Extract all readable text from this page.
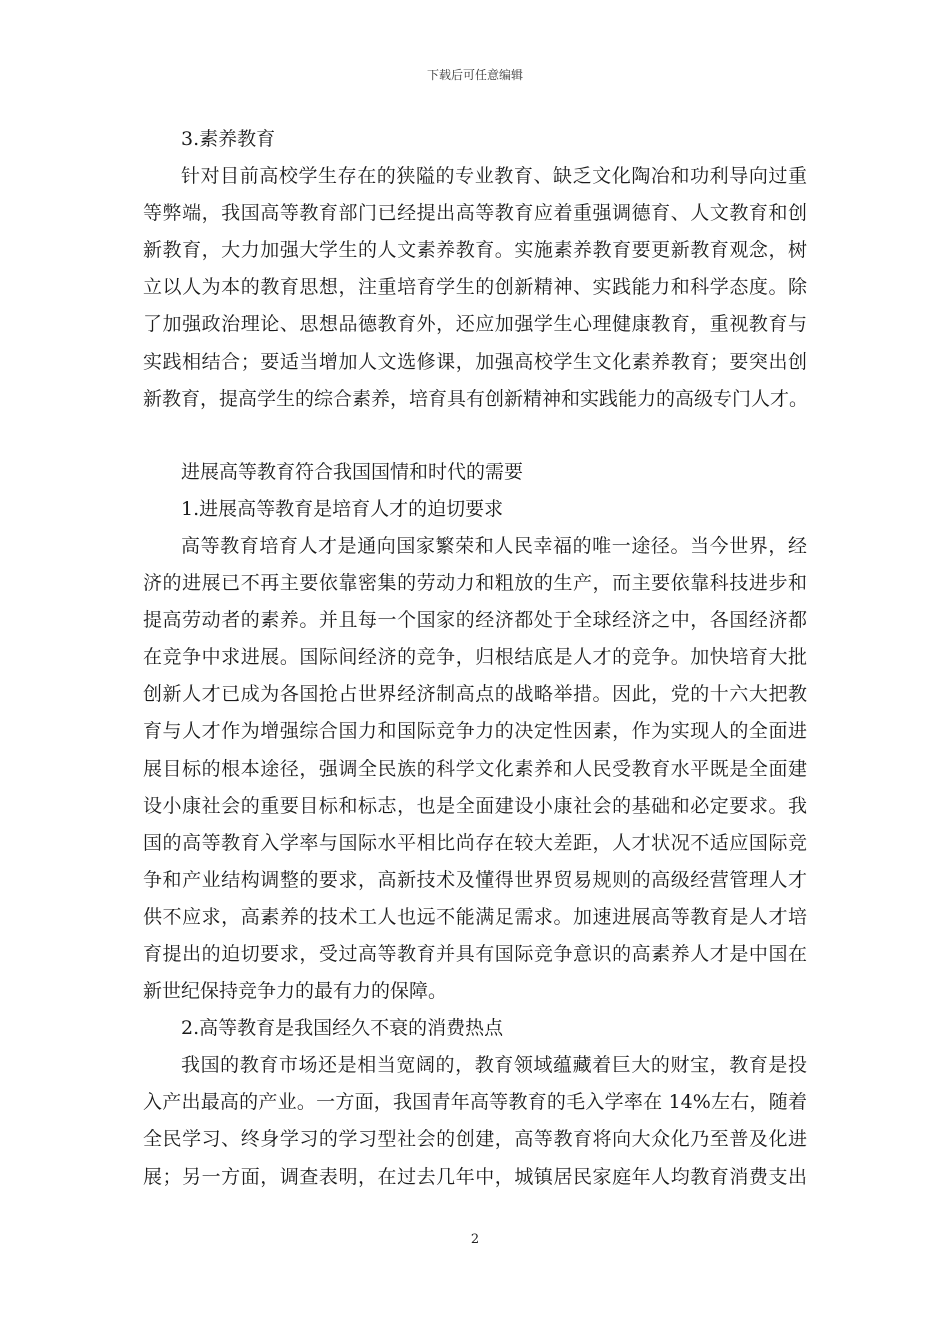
下载后可任意编辑
3.素养教育
针对目前高校学生存在的狭隘的专业教育、缺乏文化陶冶和功利导向过重
等弊端，我国高等教育部门已经提出高等教育应着重强调德育、人文教育和创
新教育，大力加强大学生的人文素养教育。实施素养教育要更新教育观念，树
立以人为本的教育思想，注重培育学生的创新精神、实践能力和科学态度。除
了加强政治理论、思想品德教育外，还应加强学生心理健康教育，重视教育与
实践相结合；要适当增加人文选修课，加强高校学生文化素养教育；要突出创
新教育，提高学生的综合素养，培育具有创新精神和实践能力的高级专门人才。
进展高等教育符合我国国情和时代的需要
1.进展高等教育是培育人才的迫切要求
高等教育培育人才是通向国家繁荣和人民幸福的唯一途径。当今世界，经
济的进展已不再主要依靠密集的劳动力和粗放的生产，而主要依靠科技进步和
提高劳动者的素养。并且每一个国家的经济都处于全球经济之中，各国经济都
在竞争中求进展。国际间经济的竞争，归根结底是人才的竞争。加快培育大批
创新人才已成为各国抢占世界经济制高点的战略举措。因此，党的十六大把教
育与人才作为增强综合国力和国际竞争力的决定性因素，作为实现人的全面进
展目标的根本途径，强调全民族的科学文化素养和人民受教育水平既是全面建
设小康社会的重要目标和标志，也是全面建设小康社会的基础和必定要求。我
国的高等教育入学率与国际水平相比尚存在较大差距，人才状况不适应国际竞
争和产业结构调整的要求，高新技术及懂得世界贸易规则的高级经营管理人才
供不应求，高素养的技术工人也远不能满足需求。加速进展高等教育是人才培
育提出的迫切要求，受过高等教育并具有国际竞争意识的高素养人才是中国在
新世纪保持竞争力的最有力的保障。
2.高等教育是我国经久不衰的消费热点
我国的教育市场还是相当宽阔的，教育领域蕴藏着巨大的财宝，教育是投
入产出最高的产业。一方面，我国青年高等教育的毛入学率在 14%左右，随着
全民学习、终身学习的学习型社会的创建，高等教育将向大众化乃至普及化进
展；另一方面，调查表明，在过去几年中，城镇居民家庭年人均教育消费支出
2
